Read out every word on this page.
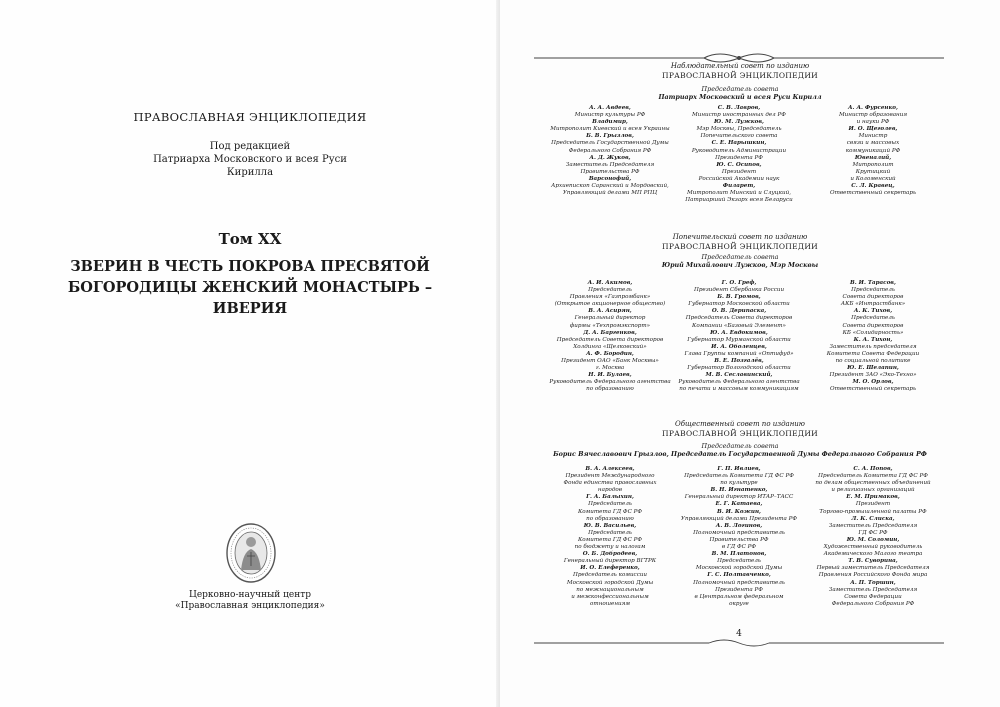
ПРАВОСЛАВНАЯ ЭНЦИКЛОПЕДИЯ
Под редакцией
Патриарха Московского и всея Руси
Кирилла
Том XX
ЗВЕРИН В ЧЕСТЬ ПОКРОВА ПРЕСВЯТОЙ
БОГОРОДИЦЫ ЖЕНСКИЙ МОНАСТЫРЬ –
ИВЕРИЯ
Церковно-научный центр
«Православная энциклопедия»
Наблюдательный совет по изданию
ПРАВОСЛАВНОЙ ЭНЦИКЛОПЕДИИ
Председатель совета
Патриарх Московский и всея Руси Кирилл
А. А. Авдеев,
Министр культуры РФ
Владимир,
Митрополит Киевский и всея Украины
Б. В. Грызлов,
Председатель Государственной Думы
Федерального Собрания РФ
А. Д. Жуков,
Заместитель Председателя
Правительства РФ
Варсонофий,
Архиепископ Саранский и Мордовский,
Управляющий делами МП РПЦ
С. В. Лавров,
Министр иностранных дел РФ
Ю. М. Лужков,
Мэр Москвы, Председатель
Попечительского совета
С. Е. Нарышкин,
Руководитель Администрации
Президента РФ
Ю. С. Осипов,
Президент
Российской Академии наук
Филарет,
Митрополит Минский и Слуцкий,
Патриарший Экзарх всея Беларуси
А. А. Фурсенко,
Министр образования
и науки РФ
И. О. Щеголев,
Министр
связи и массовых
коммуникаций РФ
Ювеналий,
Митрополит
Крутицкий
и Коломенский
С. Л. Кравец,
Ответственный секретарь
Попечительский совет по изданию
ПРАВОСЛАВНОЙ ЭНЦИКЛОПЕДИИ
Председатель совета
Юрий Михайлович Лужков, Мэр Москвы
А. И. Акимов,
Председатель
Правления «Газпромбанк»
(Открытое акционерное общество)
В. А. Асирян,
Генеральный директор
фирмы «Техпромэкспорт»
Д. А. Баргенков,
Председатель Совета директоров
Холдинга «Щелковский»
А. Ф. Бородин,
Президент ОАО «Банк Москвы»
г. Москва
Н. И. Булаев,
Руководитель Федерального агентства
по образованию
Г. О. Греф,
Президент Сбербанка России
Б. В. Громов,
Губернатор Московской области
О. В. Дерипаска,
Председатель Совета директоров
Компании «Базовый Элемент»
Ю. А. Евдокимов,
Губернатор Мурманской области
И. А. Оболенцев,
Глава Группы компаний «Оптифуд»
В. Е. Позгалёв,
Губернатор Вологодской области
М. В. Сеславинский,
Руководитель Федерального агентства
по печати и массовым коммуникациям
В. И. Тарасов,
Председатель
Совета директоров
АКБ «Интрастбанк»
А. К. Тихов,
Председатель
Совета директоров
КБ «Солидарность»
К. А. Тихон,
Заместитель председателя
Комитета Совета Федерации
по социальной политике
Ю. Е. Шелапин,
Президент ЗАО «Эко-Техно»
М. О. Орлов,
Ответственный секретарь
Общественный совет по изданию
ПРАВОСЛАВНОЙ ЭНЦИКЛОПЕДИИ
Председатель совета
Борис Вячеславович Грызлов, Председатель Государственной Думы Федерального Собрания РФ
В. А. Алексеев,
Президент Международного
Фонда единства православных
народов
Г. А. Балыхин,
Председатель
Комитета ГД ФС РФ
по образованию
Ю. В. Васильев,
Председатель
Комитета ГД ФС РФ
по бюджету и налогам
О. Б. Добродеев,
Генеральный директор ВГТРК
И. О. Елеференко,
Председатель комиссии
Московской городской Думы
по межнациональным
и межконфессиональным
отношениям
Г. П. Ивлиев,
Председатель Комитета ГД ФС РФ
по культуре
В. Н. Игнатенко,
Генеральный директор ИТАР–ТАСС
Е. Г. Катаева,
В. И. Кожин,
Управляющий делами Президента РФ
А. В. Логинов,
Полномочный представитель
Правительства РФ
в ГД ФС РФ
В. М. Платонов,
Председатель
Московской городской Думы
Г. С. Полтавченко,
Полномочный представитель
Президента РФ
в Центральном федеральном
округе
С. А. Попов,
Председатель Комитета ГД ФС РФ
по делам общественных объединений
и религиозных организаций
Е. М. Примаков,
Президент
Торгово-промышленной палаты РФ
Л. К. Слиска,
Заместитель Председателя
ГД ФС РФ
Ю. М. Соломин,
Художественный руководитель
Академического Малого театра
Т. В. Суворина,
Первый заместитель Председателя
Правления Российского Фонда мира
А. П. Торшин,
Заместитель Председателя
Совета Федерации
Федерального Собрания РФ
4
